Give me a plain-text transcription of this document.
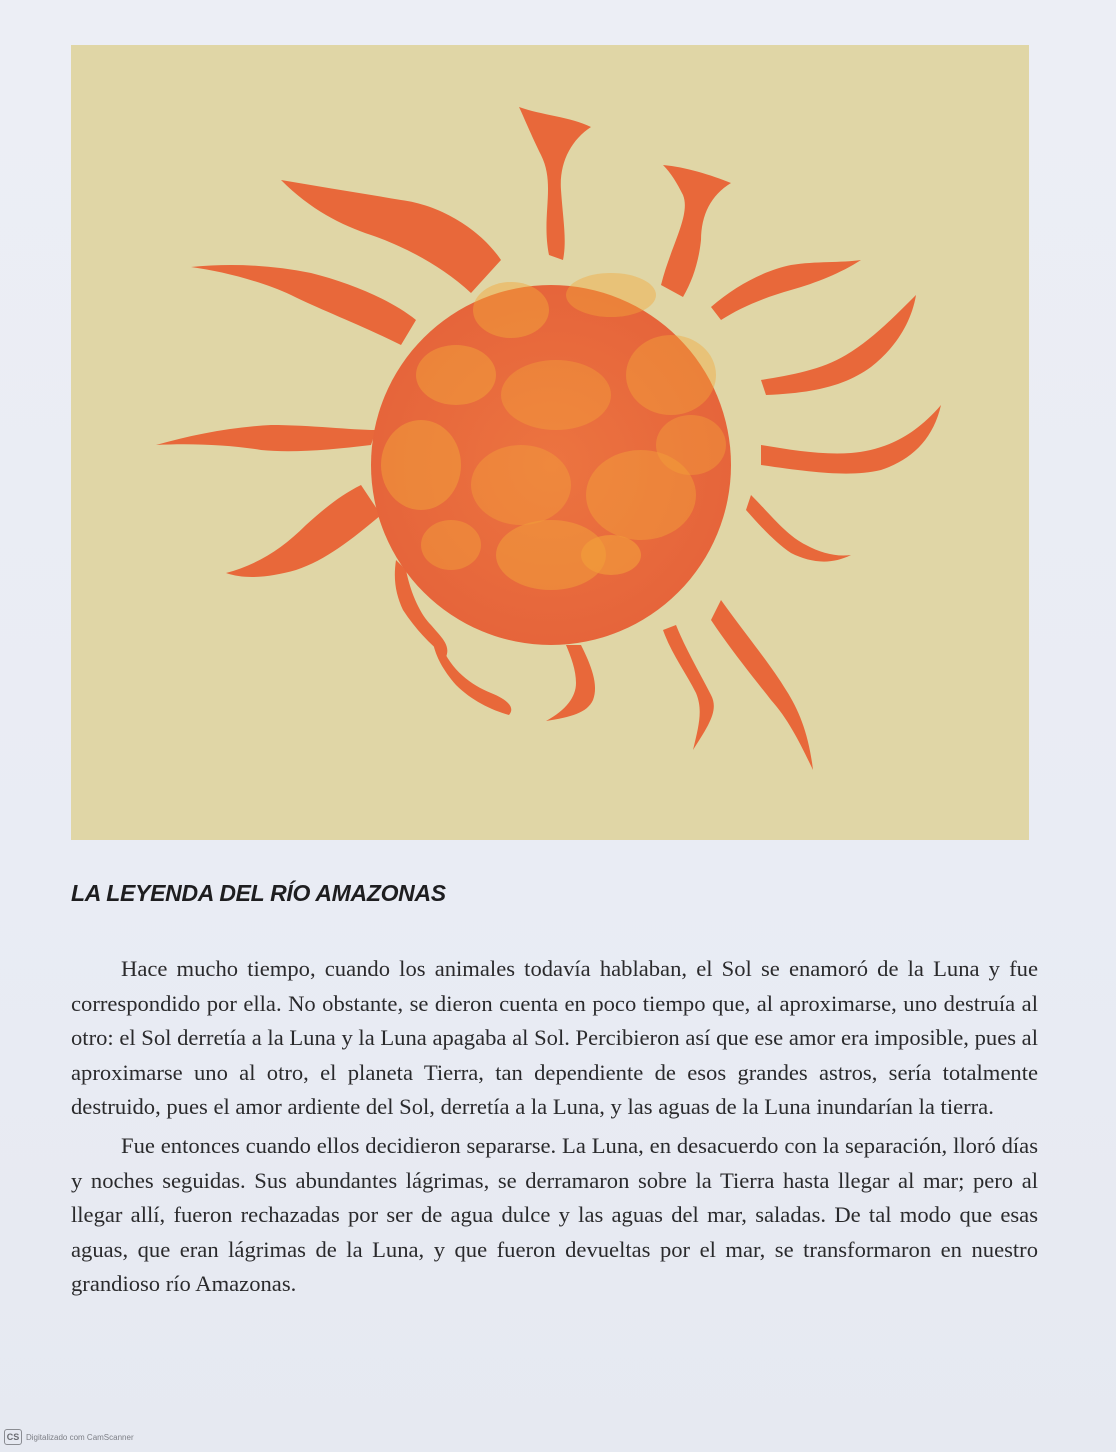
LA LEYENDA DEL RÍO AMAZONAS

Hace mucho tiempo, cuando los animales todavía hablaban, el Sol se enamoró de la Luna y fue correspondido por ella. No obstante, se dieron cuenta en poco tiempo que, al aproximarse, uno destruía al otro: el Sol derretía a la Luna y la Luna apagaba al Sol. Percibieron así que ese amor era imposible, pues al aproximarse uno al otro, el planeta Tierra, tan dependiente de esos grandes astros, sería totalmente destruido, pues el amor ardiente del Sol, derretía a la Luna, y las aguas de la Luna inundarían la tierra.

Fue entonces cuando ellos decidieron separarse. La Luna, en desacuerdo con la separación, lloró días y noches seguidas. Sus abundantes lágrimas, se derramaron sobre la Tierra hasta llegar al mar; pero al llegar allí, fueron rechazadas por ser de agua dulce y las aguas del mar, saladas. De tal modo que esas aguas, que eran lágrimas de la Luna, y que fueron devueltas por el mar, se transformaron en nuestro grandioso río Amazonas.

CS Digitalizado com CamScanner
